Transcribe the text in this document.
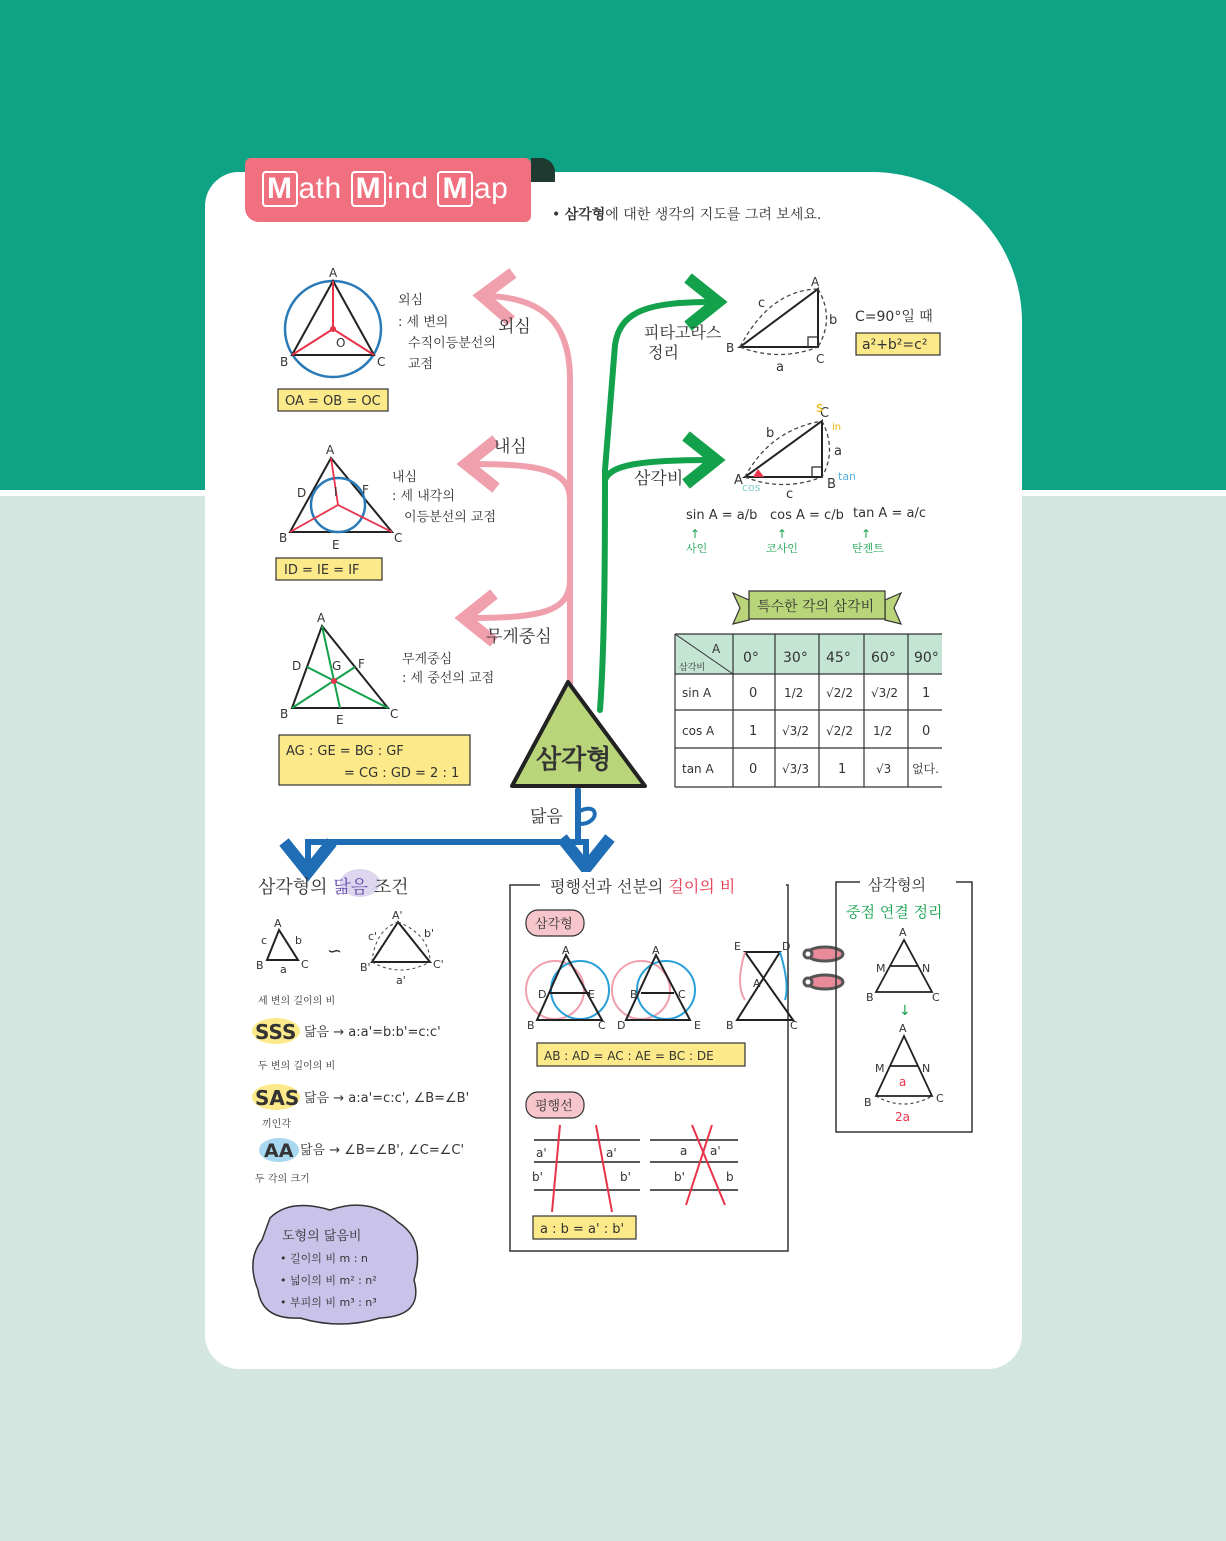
M ath M ind M ap
• 삼각형에 대한 생각의 지도를 그려 보세요.
외심
내심
무게중심
피타고라스
정리
삼각비
닮음
삼각형
A
B	C
O
외심
: 세 변의
수직이등분선의
교점
OA = OB = OC
A
B	C
D
E
F
I
내심
: 세 내각의
이등분선의 교점
ID = IE = IF
A
B	C
D
E
F
G	무게중심
: 세 중선의 교점
AG : GE = BG : GF
= CG : GD = 2 : 1
A
B
C
a
b
c
C=90°일 때
a²+b²=c²
A	B
C
a
b
c
s
in
cos
tan
sin A = a/b cos A = c/b tan A = a/c
↑	↑	↑
사인	코사인	탄젠트
특수한 각의 삼각비
A
삼각비
0° 30° 45° 60° 90°
sin A	0 1/2 √2/2 √3/2 1
cos A	1 √3/2 √2/2 1/2 0
tan A	0 √3/3 1 √3 없다.
삼각형의 닮음 조건
A
B	C
a
b
c
∽
A'
B'	C'
a'
b'
c'
세 변의 길이의 비
SSS 닮음 → a:a'=b:b'=c:c'
두 변의 길이의 비
SAS 닮음 → a:a'=c:c', ∠B=∠B'
끼인각
AA 닮음 → ∠B=∠B', ∠C=∠C'
두 각의 크기
도형의 닮음비
• 길이의 비 m : n
• 넓이의 비 m² : n²
• 부피의 비 m³ : n³
평행선과 선분의 길이의 비
삼각형
A
B	C
D	E
A
B	C
D	E
A
B	C
D
E
AB : AD = AC : AE = BC : DE
평행선
a'
b'
a'
b'
a a'
b'	b
a : b = a' : b'
삼각형의
중점 연결 정리
A
B	C
M	N
↓
A
B	C
M	N
a
2a
